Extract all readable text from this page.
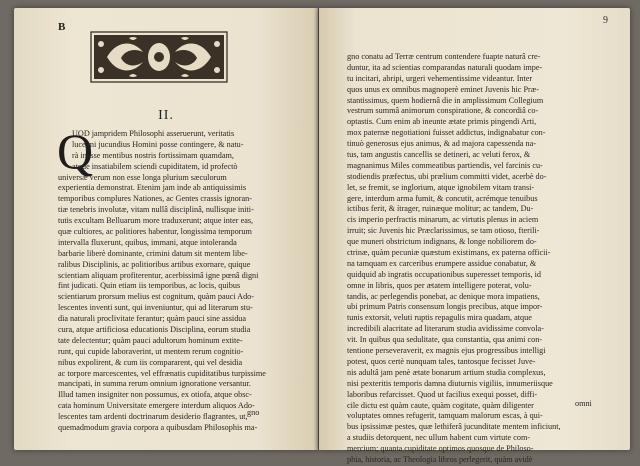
B
II.
Q
UOD jampridem Philosophi asseruerunt, veritatis
luce mi jucundius Homini posse contingere, & natu-
rà inesse mentibus nostris fortissimam quamdam,
atque insatiabilem sciendi cupiditatem, id profectò
universæ verum non esse longa plurium sæculorum
experientia demonstrat. Etenim jam inde ab antiquissimis
temporibus complures Nationes, ac Gentes crassis ignoran-
tiæ tenebris involutæ, vitam nullâ disciplinâ, nullisque initi-
tutis excultam Belluarum more traduxerunt; atque inter eas,
quæ cultiores, ac politiores habentur, longissima temporum
intervalla fluxerunt, quibus, immani, atque intoleranda
barbarie liberè dominante, crimini datum sit mentem libe-
ralibus Disciplinis, ac politioribus artibus exornare, quique
scientiam aliquam profiterentur, acerbissimâ igne pœnâ digni
fint judicati. Quin etiam iis temporibus, ac locis, quibus
scientiarum prorsum melius est cognitum, quàm pauci Ado-
lescentes inventi sunt, qui inveniuntur, qui ad literarum stu-
dia naturali proclivitate ferantur; quàm pauci sine assidua
cura, atque artificiosa educationis Disciplina, eorum studia
tate delectentur; quàm pauci adultorum hominum extite-
runt, qui cupide laboraverint, ut mentem rerum cognitio-
nibus expolirent, & cum iis compararent, qui vel desidia
ac torpore marcescentes, vel effrænatis cupiditatibus turpissime
mancipati, in summa rerum omnium ignoratione versantur.
Illud tamen insigniter non possumus, ex otiofa, atque obsc-
cata hominum Universitate emergere interdum aliquos Ado-
lescentes tam ardenti doctrinarum desiderio flagrantes, ut,
quemadmodum gravia corpora a quibusdam Philosophis ma-
gno
9
gno conatu ad Terræ centrum contendere fuapte naturâ cre-
duntur, ita ad scientias comparandas naturali quodam impe-
tu incitari, abripi, urgeri vehementissime videantur. Inter
quos unus ex omnibus magnoperè eminet Juvenis hic Præ-
stantissimus, quem hodiernâ die in amplissimum Collegium
vestrum summâ animorum conspiratione, & concordiâ co-
optastis. Cum enim ab ineunte ætate primis pingendi Arti,
mox paternæ negotiationi fuisset addictus, indignabatur con-
tinuò generosus ejus animus, & ad majora capessenda na-
tus, tam angustis cancellis se detineri, ac veluti ferox, &
magnanimus Miles commeatibus partiendis, vel farcinis cu-
stodiendis præfectus, ubi prælium committi videt, acerbè do-
let, se fremit, se inglorium, atque ignobilem vitam transi-
gere, interdum arma fumit, & concutit, acrémque tenuibus
ictibus ferit, & ítrager, ruinæque molitur; ac tandem, Du-
cis imperio perfractis minarum, ac virtutis plenus in aciem
irruit; sic Juvenis hic Præclarissimus, se tam otioso, fterili-
que muneri obstrictum indignans, & longe nobiliorem do-
ctrinæ, quàm pecuniæ quæstum existimans, ex paterna officii-
na tamquam ex carceribus erumpere assidue conabatur, &
quidquid ab ingratis occupationibus superesset temporis, id
omne in libris, quos per ætatem intelligere poterat, volu-
tandis, ac perlegendis ponebat, ac denique mora impatiens,
ubi primum Patris consensum longis precibus, atque impor-
tunis extorsit, veluti ruptis repagulis mira quadam, atque
incredibili alacritate ad literarum studia avidissime convola-
vit. In quibus qua sedulitate, qua constantia, qua animi con-
tentione perseveraverit, ex magnis ejus progressibus intelligi
potest, quos certè nunquam tales, tantosque fecisset Juve-
nis adultâ jam penè ætate bonarum artium studia complexus,
nisi pexteritis temporis damna diuturnis vigiliis, innumeriisque
laboribus refarcisset. Quod ut facilius exequi posset, diffi-
cile dictu est quàm caute, quàm cogitate, quàm diligenter
voluptates omnes refugerit, tamquam malorum escas, à qui-
bus ipsissimæ pestes, quæ lethiferâ jucunditate mentem inficiunt,
a studiis detorquent, nec ullum habent cum virtute com-
mercium; quanta cupiditate optimos quosque de Philoso-
phia, historia, ac Theologia libros perlegerit, quàm avidè
omni
